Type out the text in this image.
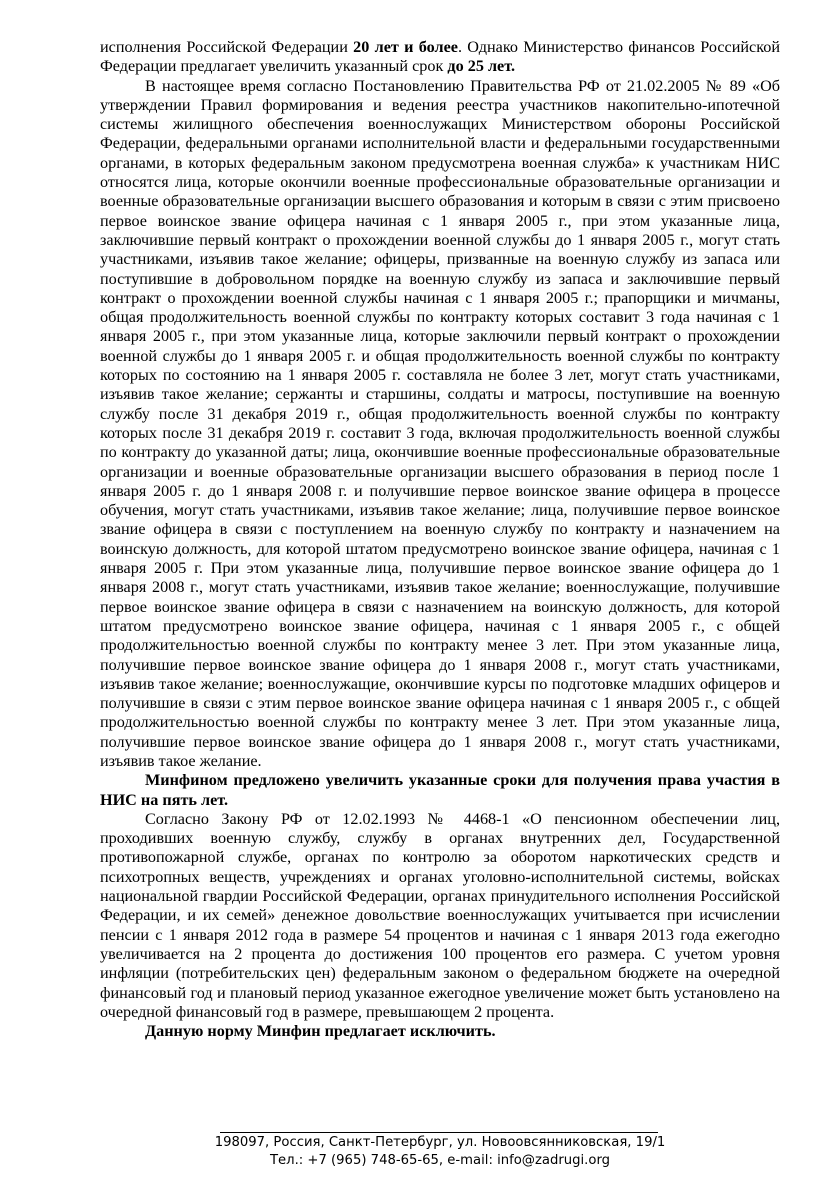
исполнения Российской Федерации 20 лет и более. Однако Министерство финансов Российской Федерации предлагает увеличить указанный срок до 25 лет.

В настоящее время согласно Постановлению Правительства РФ от 21.02.2005 № 89 «Об утверждении Правил формирования и ведения реестра участников накопительно-ипотечной системы жилищного обеспечения военнослужащих Министерством обороны Российской Федерации, федеральными органами исполнительной власти и федеральными государственными органами, в которых федеральным законом предусмотрена военная служба» к участникам НИС относятся лица, которые окончили военные профессиональные образовательные организации и военные образовательные организации высшего образования и которым в связи с этим присвоено первое воинское звание офицера начиная с 1 января 2005 г., при этом указанные лица, заключившие первый контракт о прохождении военной службы до 1 января 2005 г., могут стать участниками, изъявив такое желание; офицеры, призванные на военную службу из запаса или поступившие в добровольном порядке на военную службу из запаса и заключившие первый контракт о прохождении военной службы начиная с 1 января 2005 г.; прапорщики и мичманы, общая продолжительность военной службы по контракту которых составит 3 года начиная с 1 января 2005 г., при этом указанные лица, которые заключили первый контракт о прохождении военной службы до 1 января 2005 г. и общая продолжительность военной службы по контракту которых по состоянию на 1 января 2005 г. составляла не более 3 лет, могут стать участниками, изъявив такое желание; сержанты и старшины, солдаты и матросы, поступившие на военную службу после 31 декабря 2019 г., общая продолжительность военной службы по контракту которых после 31 декабря 2019 г. составит 3 года, включая продолжительность военной службы по контракту до указанной даты; лица, окончившие военные профессиональные образовательные организации и военные образовательные организации высшего образования в период после 1 января 2005 г. до 1 января 2008 г. и получившие первое воинское звание офицера в процессе обучения, могут стать участниками, изъявив такое желание; лица, получившие первое воинское звание офицера в связи с поступлением на военную службу по контракту и назначением на воинскую должность, для которой штатом предусмотрено воинское звание офицера, начиная с 1 января 2005 г. При этом указанные лица, получившие первое воинское звание офицера до 1 января 2008 г., могут стать участниками, изъявив такое желание; военнослужащие, получившие первое воинское звание офицера в связи с назначением на воинскую должность, для которой штатом предусмотрено воинское звание офицера, начиная с 1 января 2005 г., с общей продолжительностью военной службы по контракту менее 3 лет. При этом указанные лица, получившие первое воинское звание офицера до 1 января 2008 г., могут стать участниками, изъявив такое желание; военнослужащие, окончившие курсы по подготовке младших офицеров и получившие в связи с этим первое воинское звание офицера начиная с 1 января 2005 г., с общей продолжительностью военной службы по контракту менее 3 лет. При этом указанные лица, получившие первое воинское звание офицера до 1 января 2008 г., могут стать участниками, изъявив такое желание.

Минфином предложено увеличить указанные сроки для получения права участия в НИС на пять лет.

Согласно Закону РФ от 12.02.1993 № 4468-1 «О пенсионном обеспечении лиц, проходивших военную службу, службу в органах внутренних дел, Государственной противопожарной службе, органах по контролю за оборотом наркотических средств и психотропных веществ, учреждениях и органах уголовно-исполнительной системы, войсках национальной гвардии Российской Федерации, органах принудительного исполнения Российской Федерации, и их семей» денежное довольствие военнослужащих учитывается при исчислении пенсии с 1 января 2012 года в размере 54 процентов и начиная с 1 января 2013 года ежегодно увеличивается на 2 процента до достижения 100 процентов его размера. С учетом уровня инфляции (потребительских цен) федеральным законом о федеральном бюджете на очередной финансовый год и плановый период указанное ежегодное увеличение может быть установлено на очередной финансовый год в размере, превышающем 2 процента.

Данную норму Минфин предлагает исключить.

198097, Россия, Санкт-Петербург, ул. Новоовсянниковская, 19/1
Тел.: +7 (965) 748-65-65, e-mail: info@zadrugi.org
